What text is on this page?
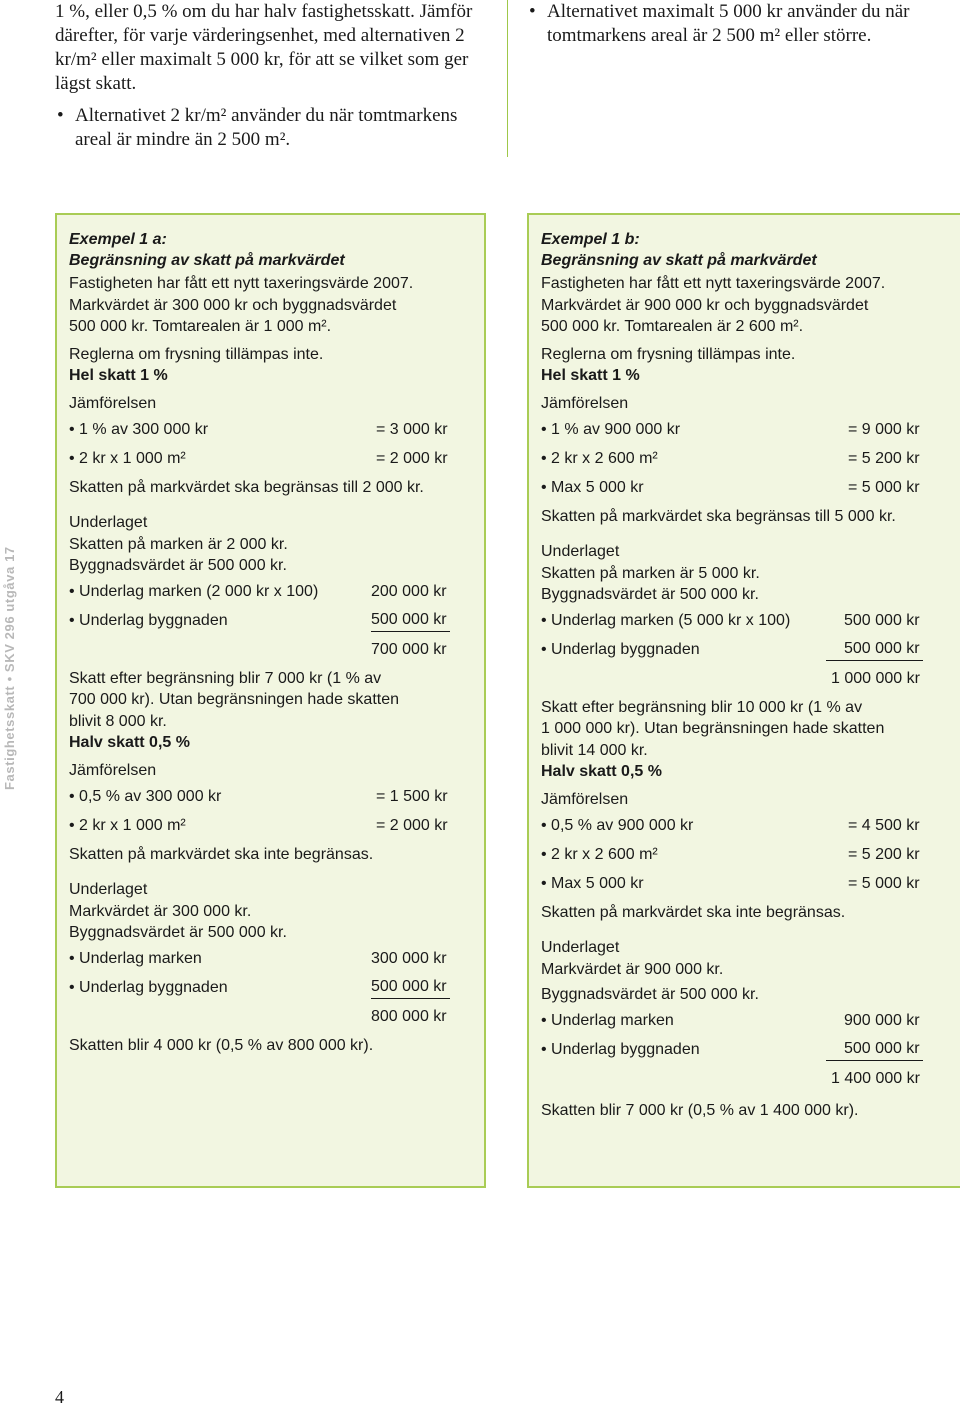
1 %, eller 0,5 % om du har halv fastighetsskatt. Jämför därefter, för varje värderingsenhet, med alternativen 2 kr/m² eller maximalt 5 000 kr, för att se vilket som ger lägst skatt.

• Alternativet 2 kr/m² använder du när tomtmarkens areal är mindre än 2 500 m².

• Alternativet maximalt 5 000 kr använder du när tomtmarkens areal är 2 500 m² eller större.

Exempel 1 a:

Begränsning av skatt på markvärdet

Fastigheten har fått ett nytt taxeringsvärde 2007.

Markvärdet är 300 000 kr och byggnadsvärdet

500 000 kr. Tomtarealen är 1 000 m².

Reglerna om frysning tillämpas inte.

Hel skatt 1 %

Jämförelsen

• 1 % av 300 000 kr	= 3 000 kr
• 2 kr x 1 000 m²	= 2 000 kr

Skatten på markvärdet ska begränsas till 2 000 kr.

Underlaget

Skatten på marken är 2 000 kr.

Byggnadsvärdet är 500 000 kr.

• Underlag marken (2 000 kr x 100)	200 000 kr
• Underlag byggnaden	500 000 kr
700 000 kr

Skatt efter begränsning blir 7 000 kr (1 % av

700 000 kr). Utan begränsningen hade skatten

blivit 8 000 kr.

Halv skatt 0,5 %

Jämförelsen

• 0,5 % av 300 000 kr	= 1 500 kr
• 2 kr x 1 000 m²	= 2 000 kr

Skatten på markvärdet ska inte begränsas.

Underlaget

Markvärdet är 300 000 kr.

Byggnadsvärdet är 500 000 kr.

• Underlag marken	300 000 kr
• Underlag byggnaden	500 000 kr
800 000 kr

Skatten blir 4 000 kr (0,5 % av 800 000 kr).

Exempel 1 b:

Begränsning av skatt på markvärdet

Fastigheten har fått ett nytt taxeringsvärde 2007.

Markvärdet är 900 000 kr och byggnadsvärdet

500 000 kr. Tomtarealen är 2 600 m².

Reglerna om frysning tillämpas inte.

Hel skatt 1 %

Jämförelsen

• 1 % av 900 000 kr	= 9 000 kr
• 2 kr x 2 600 m²	= 5 200 kr
• Max 5 000 kr	= 5 000 kr

Skatten på markvärdet ska begränsas till 5 000 kr.

Underlaget

Skatten på marken är 5 000 kr.

Byggnadsvärdet är 500 000 kr.

• Underlag marken (5 000 kr x 100)	500 000 kr
• Underlag byggnaden	500 000 kr
1 000 000 kr

Skatt efter begränsning blir 10 000 kr (1 % av

1 000 000 kr). Utan begränsningen hade skatten

blivit 14 000 kr.

Halv skatt 0,5 %

Jämförelsen

• 0,5 % av 900 000 kr	= 4 500 kr
• 2 kr x 2 600 m²	= 5 200 kr
• Max 5 000 kr	= 5 000 kr

Skatten på markvärdet ska inte begränsas.

Underlaget

Markvärdet är 900 000 kr.

Byggnadsvärdet är 500 000 kr.

• Underlag marken	900 000 kr
• Underlag byggnaden	500 000 kr
1 400 000 kr

Skatten blir 7 000 kr (0,5 % av 1 400 000 kr).

Fastighetsskatt • SKV 296 utgåva 17
4
